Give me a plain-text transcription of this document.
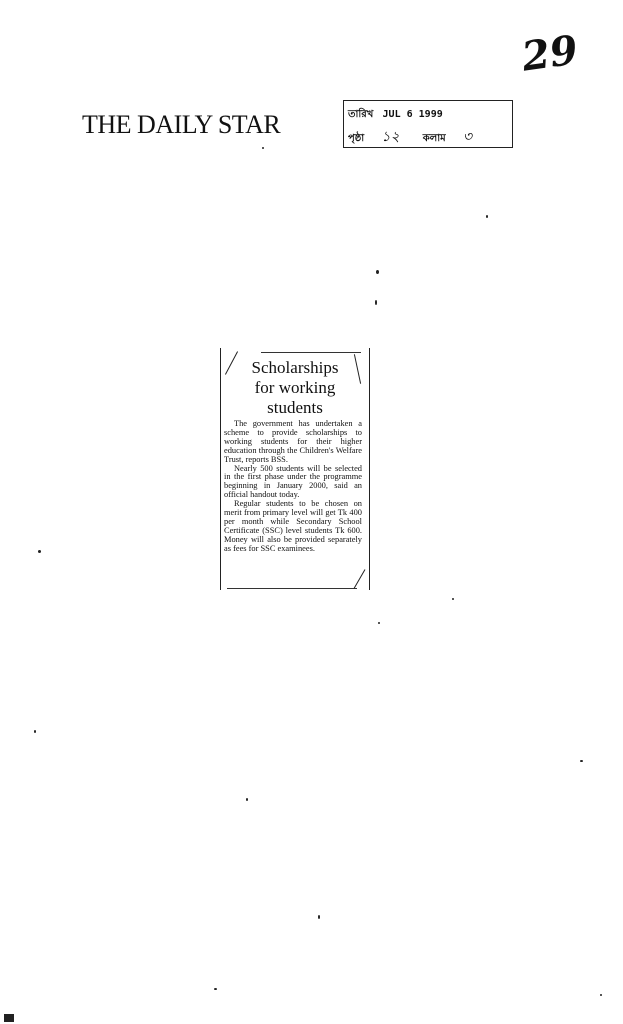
29
THE DAILY STAR	তারিখ JUL 6 1999
পৃষ্ঠা ১২ কলাম ৩
Scholarships
for working
students

The government has undertaken a scheme to provide scholarships to working students for their higher education through the Children's Welfare Trust, reports BSS.

Nearly 500 students will be selected in the first phase under the programme beginning in January 2000, said an official handout today.

Regular students to be chosen on merit from primary level will get Tk 400 per month while Secondary School Certificate (SSC) level students Tk 600. Money will also be provided separately as fees for SSC examinees.
